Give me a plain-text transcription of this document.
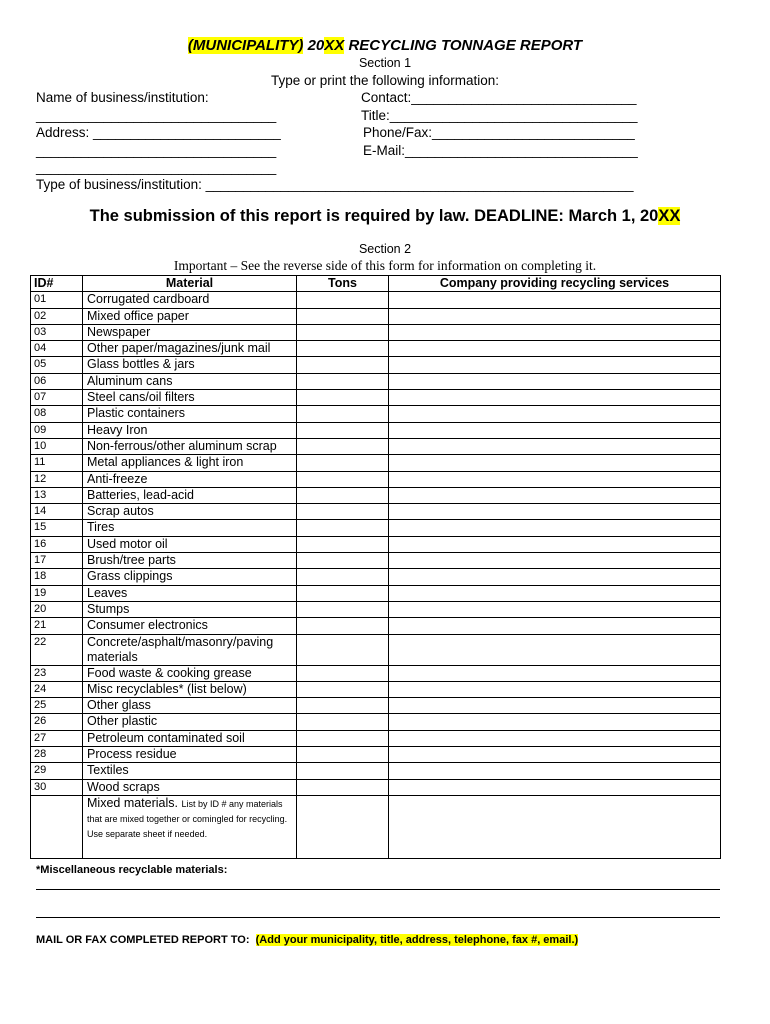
(MUNICIPALITY) 20XX RECYCLING TONNAGE REPORT
Section 1
Type or print the following information:
Name of business/institution:	Contact:______________________________
________________________________	Title:_________________________________
Address: _________________________	Phone/Fax:___________________________
________________________________	E-Mail:_______________________________
________________________________
Type of business/institution: _________________________________________________________
The submission of this report is required by law. DEADLINE: March 1, 20XX
Section 2
Important – See the reverse side of this form for information on completing it.
ID#	Material	Tons	Company providing recycling services
01	Corrugated cardboard		
02	Mixed office paper		
03	Newspaper		
04	Other paper/magazines/junk mail		
05	Glass bottles & jars		
06	Aluminum cans		
07	Steel cans/oil filters		
08	Plastic containers		
09	Heavy Iron		
10	Non-ferrous/other aluminum scrap		
11	Metal appliances & light iron		
12	Anti-freeze		
13	Batteries, lead-acid		
14	Scrap autos		
15	Tires		
16	Used motor oil		
17	Brush/tree parts		
18	Grass clippings		
19	Leaves		
20	Stumps		
21	Consumer electronics		
22	Concrete/asphalt/masonry/paving materials		
23	Food waste & cooking grease		
24	Misc recyclables* (list below)		
25	Other glass		
26	Other plastic		
27	Petroleum contaminated soil		
28	Process residue		
29	Textiles		
30	Wood scraps		
	Mixed materials. List by ID # any materials that are mixed together or comingled for recycling. Use separate sheet if needed.		
*Miscellaneous recyclable materials:
MAIL OR FAX COMPLETED REPORT TO: (Add your municipality, title, address, telephone, fax #, email.)
